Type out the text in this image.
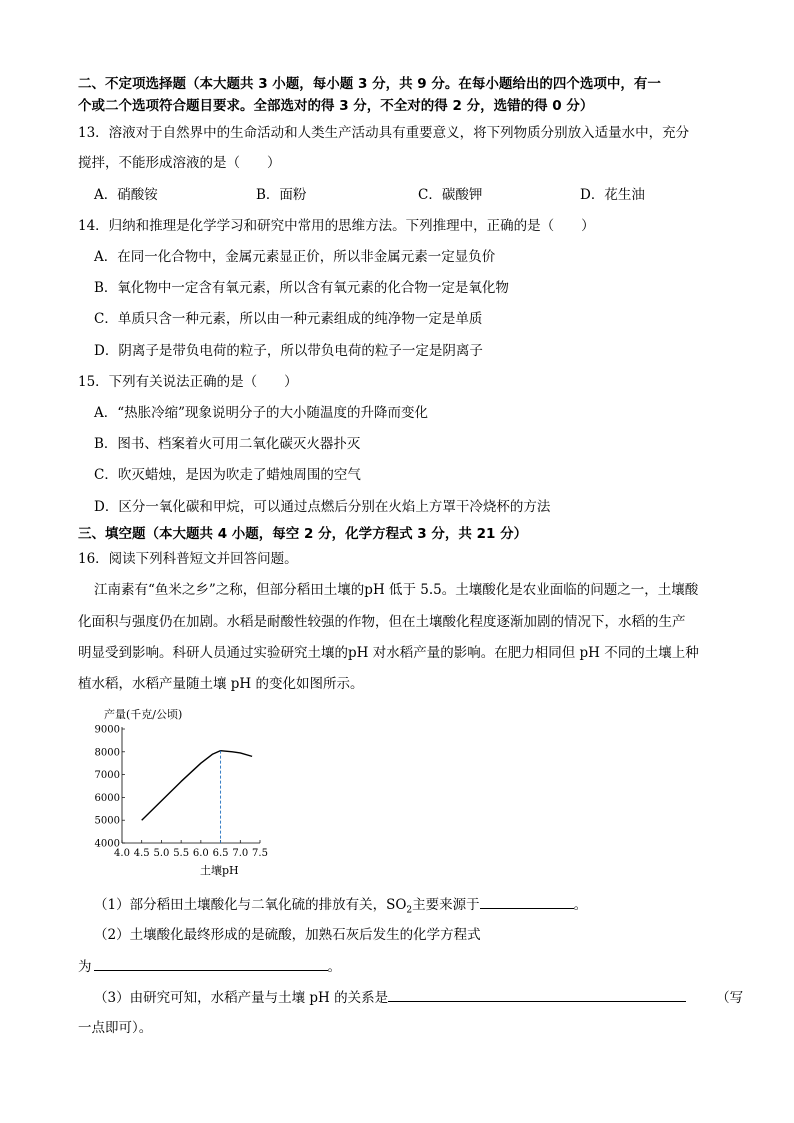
二、不定项选择题（本大题共 3 小题，每小题 3 分，共 9 分。在每小题给出的四个选项中，有一
个或二个选项符合题目要求。全部选对的得 3 分，不全对的得 2 分，选错的得 0 分）
13．溶液对于自然界中的生命活动和人类生产活动具有重要意义，将下列物质分别放入适量水中，充分
搅拌，不能形成溶液的是（　　）
A．硝酸铵	B．面粉	C．碳酸钾	D．花生油
14．归纳和推理是化学学习和研究中常用的思维方法。下列推理中，正确的是（　　）
A．在同一化合物中，金属元素显正价，所以非金属元素一定显负价
B．氧化物中一定含有氧元素，所以含有氧元素的化合物一定是氧化物
C．单质只含一种元素，所以由一种元素组成的纯净物一定是单质
D．阴离子是带负电荷的粒子，所以带负电荷的粒子一定是阴离子
15．下列有关说法正确的是（　　）
A．“热胀冷缩”现象说明分子的大小随温度的升降而变化
B．图书、档案着火可用二氧化碳灭火器扑灭
C．吹灭蜡烛，是因为吹走了蜡烛周围的空气
D．区分一氧化碳和甲烷，可以通过点燃后分别在火焰上方罩干冷烧杯的方法
三、填空题（本大题共 4 小题，每空 2 分，化学方程式 3 分，共 21 分）
16．阅读下列科普短文并回答问题。
江南素有“鱼米之乡”之称，但部分稻田土壤的pH 低于 5.5。土壤酸化是农业面临的问题之一，土壤酸
化面积与强度仍在加剧。水稻是耐酸性较强的作物，但在土壤酸化程度逐渐加剧的情况下，水稻的生产
明显受到影响。科研人员通过实验研究土壤的pH 对水稻产量的影响。在肥力相同但 pH 不同的土壤上种
植水稻，水稻产量随土壤 pH 的变化如图所示。
产量(千克/公顷)
9000
8000
7000
6000
5000
4000
4.0 4.5 5.0 5.5 6.0 6.5 7.0 7.5
土壤pH
（1）部分稻田土壤酸化与二氧化硫的排放有关，$SO_2$主要来源于	。
（2）土壤酸化最终形成的是硫酸，加熟石灰后发生的化学方程式
为	。
（3）由研究可知，水稻产量与土壤 pH 的关系是	（写
一点即可）。
